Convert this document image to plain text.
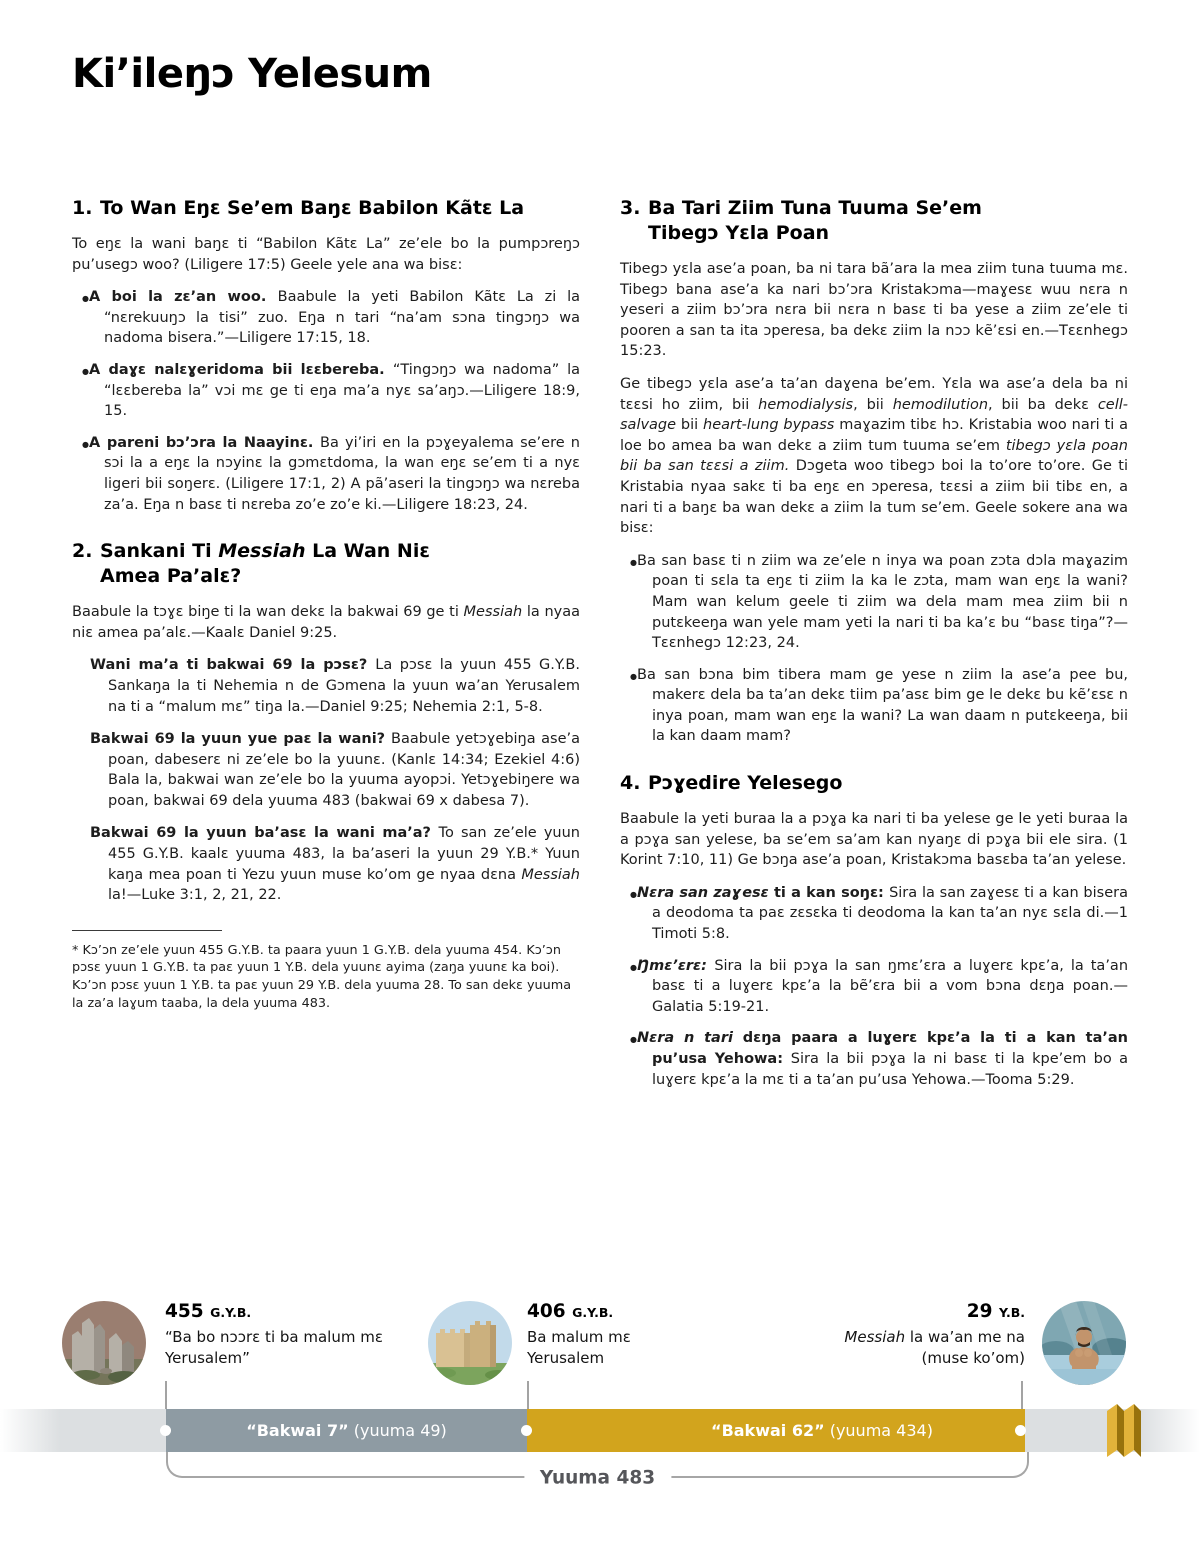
Ki’ileŋɔ Yelesum
1. To Wan Eŋɛ Se’em Baŋɛ Babilon Kãtɛ La

To eŋɛ la wani baŋɛ ti “Babilon Kãtɛ La” ze’ele bo la pumpɔreŋɔ pu’usegɔ woo? (Liligere 17:5) Geele yele ana wa bisɛ:

● A boi la zɛ’an woo. Baabule la yeti Babilon Kãtɛ La zi la “nɛrekuuŋɔ la tisi” zuo. Eŋa n tari “na’am sɔna tingɔŋɔ wa nadoma bisera.”—Liligere 17:15, 18.
● A daɣɛ nalɛɣeridoma bii lɛɛbereba. “Tingɔŋɔ wa nadoma” la “lɛɛbereba la” vɔi mɛ ge ti eŋa ma’a nyɛ sa’aŋɔ.—Liligere 18:9, 15.
● A pareni bɔ’ɔra la Naayinɛ. Ba yi’iri en la pɔɣeyalema se’ere n sɔi la a eŋɛ la nɔyinɛ la gɔmɛtdoma, la wan eŋɛ se’em ti a nyɛ ligeri bii soŋerɛ. (Liligere 17:1, 2) A pã’aseri la tingɔŋɔ wa nɛreba za’a. Eŋa n basɛ ti nɛreba zo’e zo’e ki.—Liligere 18:23, 24.
2. Sankani Ti Messiah La Wan Niɛ
Amea Pa’alɛ?

Baabule la tɔɣɛ biŋe ti la wan dekɛ la bakwai 69 ge ti Messiah la nyaa niɛ amea pa’alɛ.—Kaalɛ Daniel 9:25.

Wani ma’a ti bakwai 69 la pɔsɛ? La pɔsɛ la yuun 455 G.Y.B. Sankaŋa la ti Nehemia n de Gɔmena la yuun wa’an Yerusalem na ti a “malum mɛ” tiŋa la.—Daniel 9:25; Nehemia 2:1, 5-8.

Bakwai 69 la yuun yue paɛ la wani? Baabule yetɔɣebiŋa ase’a poan, dabeserɛ ni ze’ele bo la yuunɛ. (Kanlɛ 14:34; Ezekiel 4:6) Bala la, bakwai wan ze’ele bo la yuuma ayopɔi. Yetɔɣebiŋere wa poan, bakwai 69 dela yuuma 483 (bakwai 69 x dabesa 7).

Bakwai 69 la yuun ba’asɛ la wani ma’a? To san ze’ele yuun 455 G.Y.B. kaalɛ yuuma 483, la ba’aseri la yuun 29 Y.B.* Yuun kaŋa mea poan ti Yezu yuun muse ko’om ge nyaa dɛna Messiah la!—Luke 3:1, 2, 21, 22.

* Kɔ’ɔn ze’ele yuun 455 G.Y.B. ta paara yuun 1 G.Y.B. dela yuuma 454. Kɔ’ɔn pɔsɛ yuun 1 G.Y.B. ta paɛ yuun 1 Y.B. dela yuunɛ ayima (zaŋa yuunɛ ka boi). Kɔ’ɔn pɔsɛ yuun 1 Y.B. ta paɛ yuun 29 Y.B. dela yuuma 28. To san dekɛ yuuma la za’a laɣum taaba, la dela yuuma 483.

3. Ba Tari Ziim Tuna Tuuma Se’em
Tibegɔ Yɛla Poan

Tibegɔ yɛla ase’a poan, ba ni tara bã’ara la mea ziim tuna tuuma mɛ. Tibegɔ bana ase’a ka nari bɔ’ɔra Kristakɔma—maɣesɛ wuu nɛra n yeseri a ziim bɔ’ɔra nɛra bii nɛra n basɛ ti ba yese a ziim ze’ele ti pooren a san ta ita ɔperesa, ba dekɛ ziim la nɔɔ kẽ’ɛsi en.—Tɛɛnhegɔ 15:23.

Ge tibegɔ yɛla ase’a ta’an daɣena be’em. Yɛla wa ase’a dela ba ni tɛɛsi ho ziim, bii hemodialysis, bii hemodilution, bii ba dekɛ cell-salvage bii heart-lung bypass maɣazim tibɛ hɔ. Kristabia woo nari ti a loe bo amea ba wan dekɛ a ziim tum tuuma se’em tibegɔ yɛla poan bii ba san tɛɛsi a ziim. Dɔgeta woo tibegɔ boi la to’ore to’ore. Ge ti Kristabia nyaa sakɛ ti ba eŋɛ en ɔperesa, tɛɛsi a ziim bii tibɛ en, a nari ti a baŋɛ ba wan dekɛ a ziim la tum se’em. Geele sokere ana wa bisɛ:

● Ba san basɛ ti n ziim wa ze’ele n inya wa poan zɔta dɔla maɣazim poan ti sɛla ta eŋɛ ti ziim la ka le zɔta, mam wan eŋɛ la wani? Mam wan kelum geele ti ziim wa dela mam mea ziim bii n putɛkeeŋa wan yele mam yeti la nari ti ba ka’ɛ bu “basɛ tiŋa”?—Tɛɛnhegɔ 12:23, 24.
● Ba san bɔna bim tibera mam ge yese n ziim la ase’a pee bu, makerɛ dela ba ta’an dekɛ tiim pa’asɛ bim ge le dekɛ bu kẽ’ɛsɛ n inya poan, mam wan eŋɛ la wani? La wan daam n putɛkeeŋa, bii la kan daam mam?
4. Pɔɣedire Yelesego

Baabule la yeti buraa la a pɔɣa ka nari ti ba yelese ge le yeti buraa la a pɔɣa san yelese, ba se’em sa’am kan nyaŋɛ di pɔɣa bii ele sira. (1 Korint 7:10, 11) Ge bɔŋa ase’a poan, Kristakɔma basɛba ta’an yelese.

● Nɛra san zaɣesɛ ti a kan soŋɛ: Sira la san zaɣesɛ ti a kan bisera a deodoma ta paɛ zɛsɛka ti deodoma la kan ta’an nyɛ sɛla di.—1 Timoti 5:8.
● Ŋmɛ’ɛrɛ: Sira la bii pɔɣa la san ŋmɛ’ɛra a luɣerɛ kpɛ’a, la ta’an basɛ ti a luɣerɛ kpɛ’a la bẽ’ɛra bii a vom bɔna dɛŋa poan.—Galatia 5:19-21.
● Nɛra n tari dɛŋa paara a luɣerɛ kpɛ’a la ti a kan ta’an pu’usa Yehowa: Sira la bii pɔɣa la ni basɛ ti la kpe’em bo a luɣerɛ kpɛ’a la mɛ ti a ta’an pu’usa Yehowa.—Tooma 5:29.
455 G.Y.B.
“Ba bo nɔɔrɛ ti ba malum mɛ Yerusalem”
406 G.Y.B.
Ba malum mɛ Yerusalem
29 Y.B.
Messiah la wa’an me na (muse ko’om)
“Bakwai 7” (yuuma 49)	“Bakwai 62” (yuuma 434)
Yuuma 483
